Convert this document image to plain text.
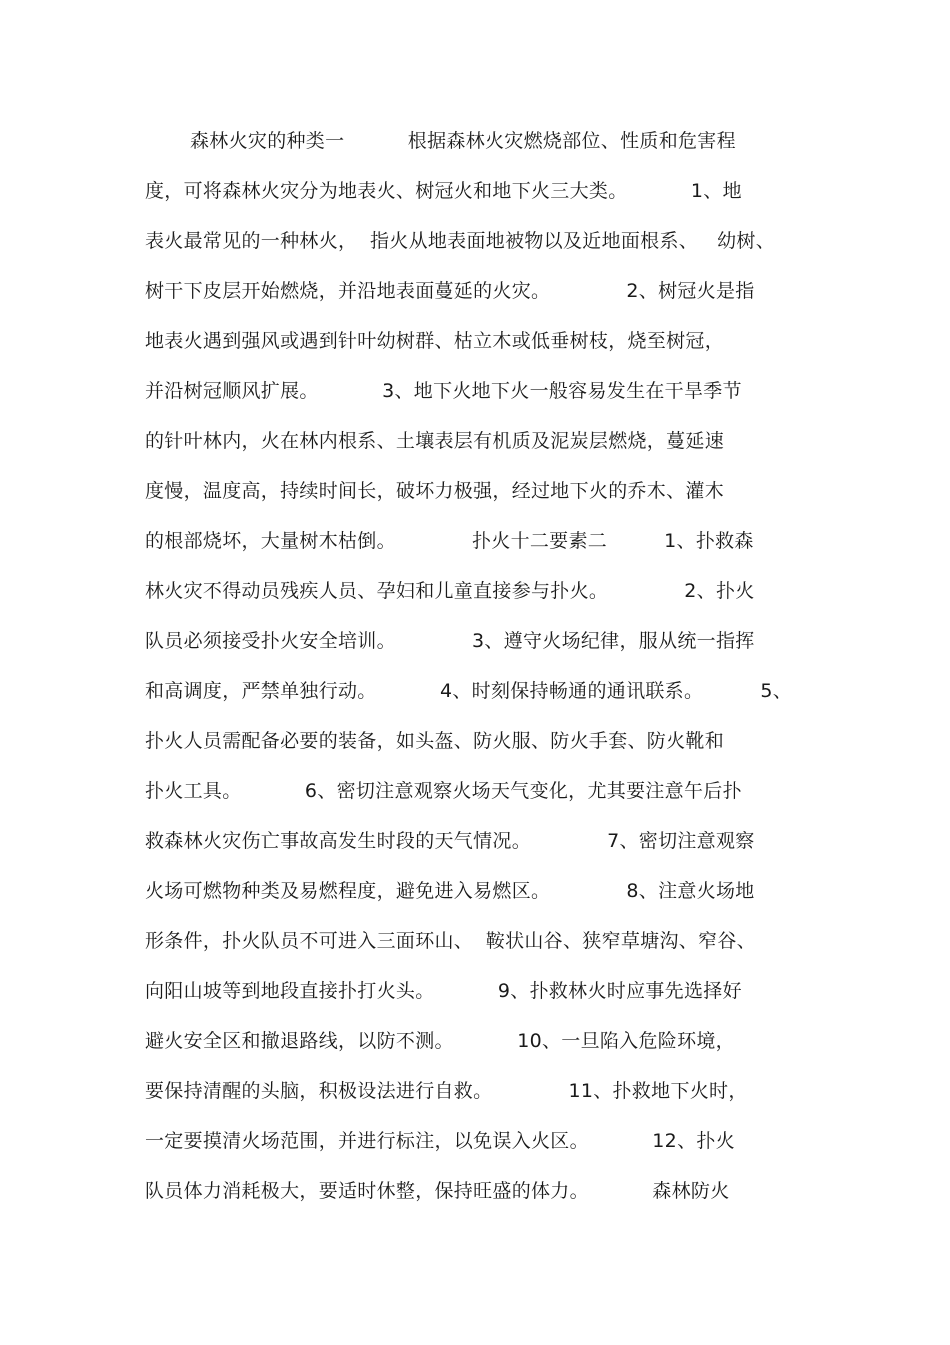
森林火灾的种类一          根据森林火灾燃烧部位、性质和危害程
度，可将森林火灾分为地表火、树冠火和地下火三大类。          1、地
表火最常见的一种林火，  指火从地表面地被物以及近地面根系、   幼树、
树干下皮层开始燃烧，并沿地表面蔓延的火灾。            2、树冠火是指
地表火遇到强风或遇到针叶幼树群、枯立木或低垂树枝，烧至树冠，
并沿树冠顺风扩展。          3、地下火地下火一般容易发生在干旱季节
的针叶林内，火在林内根系、土壤表层有机质及泥炭层燃烧，蔓延速
度慢，温度高，持续时间长，破坏力极强，经过地下火的乔木、灌木
的根部烧坏，大量树木枯倒。            扑火十二要素二         1、扑救森
林火灾不得动员残疾人员、孕妇和儿童直接参与扑火。            2、扑火
队员必须接受扑火安全培训。            3、遵守火场纪律，服从统一指挥
和高调度，严禁单独行动。          4、时刻保持畅通的通讯联系。         5、
扑火人员需配备必要的装备，如头盔、防火服、防火手套、防火靴和
扑火工具。          6、密切注意观察火场天气变化，尤其要注意午后扑
救森林火灾伤亡事故高发生时段的天气情况。            7、密切注意观察
火场可燃物种类及易燃程度，避免进入易燃区。            8、注意火场地
形条件，扑火队员不可进入三面环山、  鞍状山谷、狭窄草塘沟、窄谷、
向阳山坡等到地段直接扑打火头。          9、扑救林火时应事先选择好
避火安全区和撤退路线，以防不测。          10、一旦陷入危险环境，
要保持清醒的头脑，积极设法进行自救。            11、扑救地下火时，
一定要摸清火场范围，并进行标注，以免误入火区。          12、扑火
队员体力消耗极大，要适时休整，保持旺盛的体力。          森林防火
